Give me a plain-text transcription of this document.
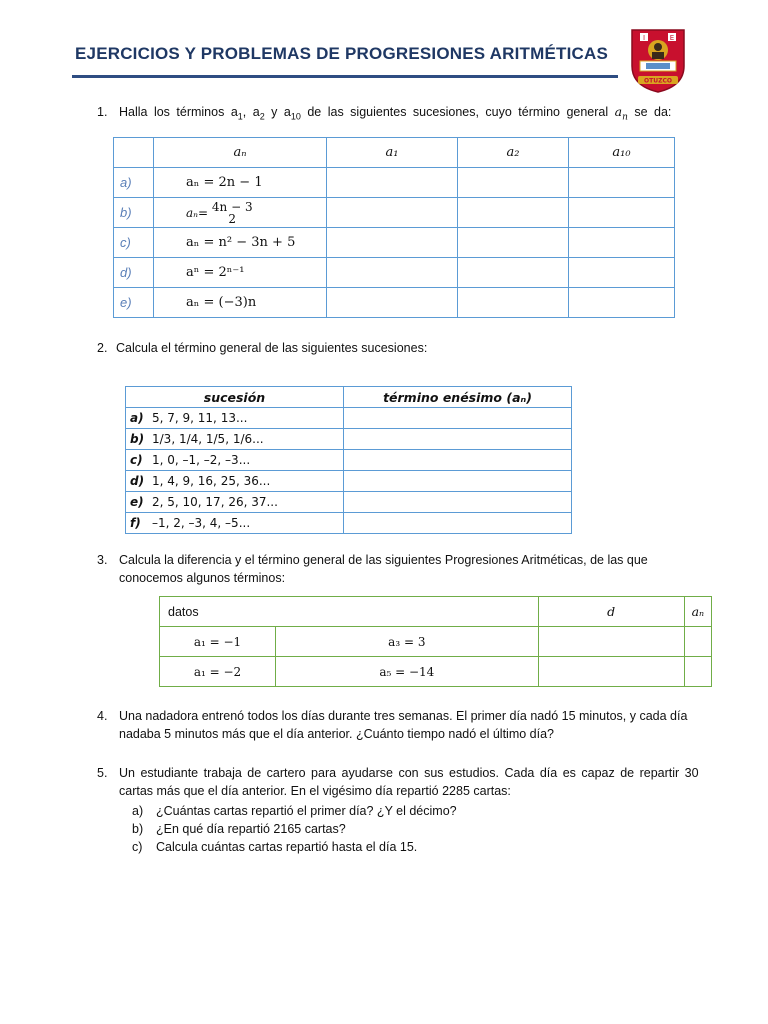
EJERCICIOS Y PROBLEMAS DE PROGRESIONES ARITMÉTICAS
I	E
OTUZCO
1. Halla los términos $a_1$, $a_2$ y $a_{10}$ de las siguientes sucesiones, cuyo término general $a_n$ se da:
	aₙ	a₁	a₂	a₁₀
a)	aₙ = 2n − 1			
b)	aₙ= 4n − 3
2			

c)	aₙ = n² − 3n + 5			
d)	aⁿ = 2ⁿ⁻¹			
e)	aₙ = (−3)n			
2. Calcula el término general de las siguientes sucesiones:
sucesión	término enésimo (aₙ)
a) 5, 7, 9, 11, 13...	
b) 1/3, 1/4, 1/5, 1/6...	
c) 1, 0, –1, –2, –3...	
d) 1, 4, 9, 16, 25, 36...	
e) 2, 5, 10, 17, 26, 37...	
f) –1, 2, –3, 4, –5...	
3. Calcula la diferencia y el término general de las siguientes Progresiones Aritméticas, de las que
conocemos algunos términos:
datos		d	aₙ
a₁ = −1	a₃ = 3		
a₁ = −2	a₅ = −14		
4. Una nadadora entrenó todos los días durante tres semanas. El primer día nadó 15 minutos, y cada día
nadaba 5 minutos más que el día anterior. ¿Cuánto tiempo nadó el último día?
5. Un estudiante trabaja de cartero para ayudarse con sus estudios. Cada día es capaz de repartir 30
cartas más que el día anterior. En el vigésimo día repartió 2285 cartas:
a) ¿Cuántas cartas repartió el primer día? ¿Y el décimo?
b) ¿En qué día repartió 2165 cartas?
c) Calcula cuántas cartas repartió hasta el día 15.
